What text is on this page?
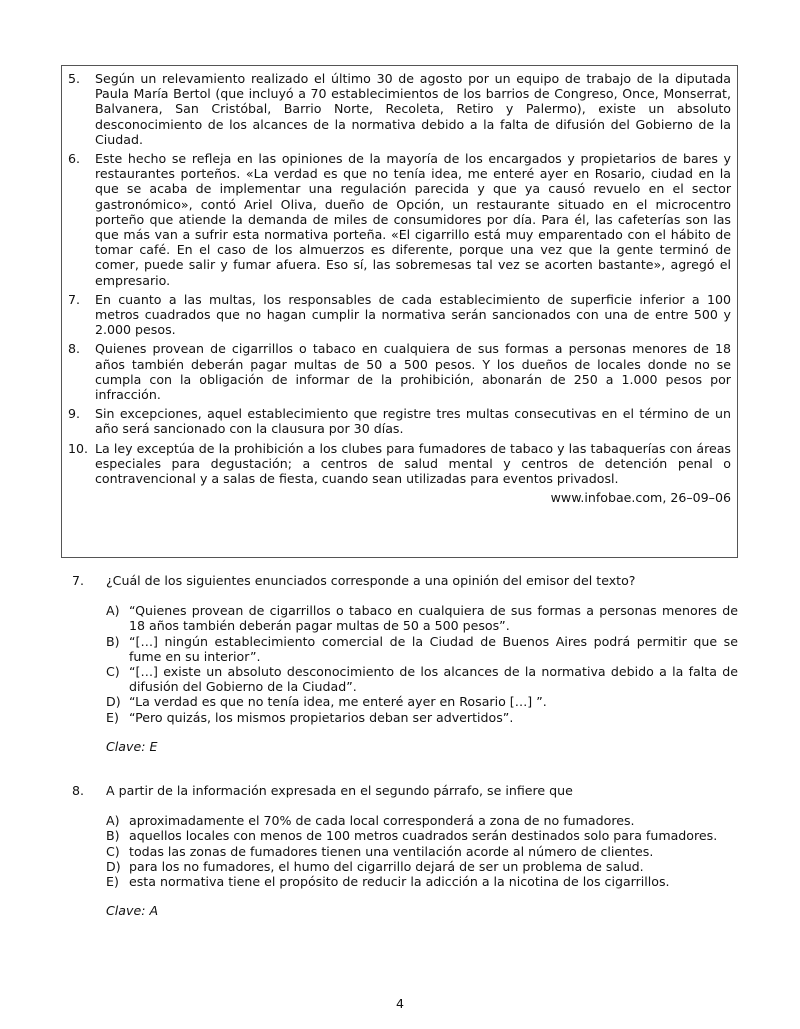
5.	Según un relevamiento realizado el último 30 de agosto por un equipo de trabajo de la diputada Paula María Bertol (que incluyó a 70 establecimientos de los barrios de Congreso, Once, Monserrat, Balvanera, San Cristóbal, Barrio Norte, Recoleta, Retiro y Palermo), existe un absoluto desconocimiento de los alcances de la normativa debido a la falta de difusión del Gobierno de la Ciudad.
6.	Este hecho se refleja en las opiniones de la mayoría de los encargados y propietarios de bares y restaurantes porteños. «La verdad es que no tenía idea, me enteré ayer en Rosario, ciudad en la que se acaba de implementar una regulación parecida y que ya causó revuelo en el sector gastronómico», contó Ariel Oliva, dueño de Opción, un restaurante situado en el microcentro porteño que atiende la demanda de miles de consumidores por día. Para él, las cafeterías son las que más van a sufrir esta normativa porteña. «El cigarrillo está muy emparentado con el hábito de tomar café. En el caso de los almuerzos es diferente, porque una vez que la gente terminó de comer, puede salir y fumar afuera. Eso sí, las sobremesas tal vez se acorten bastante», agregó el empresario.
7.	En cuanto a las multas, los responsables de cada establecimiento de superficie inferior a 100 metros cuadrados que no hagan cumplir la normativa serán sancionados con una de entre 500 y 2.000 pesos.
8.	Quienes provean de cigarrillos o tabaco en cualquiera de sus formas a personas menores de 18 años también deberán pagar multas de 50 a 500 pesos. Y los dueños de locales donde no se cumpla con la obligación de informar de la prohibición, abonarán de 250 a 1.000 pesos por infracción.
9.	Sin excepciones, aquel establecimiento que registre tres multas consecutivas en el término de un año será sancionado con la clausura por 30 días.
10. La ley exceptúa de la prohibición a los clubes para fumadores de tabaco y las tabaquerías con áreas especiales para degustación; a centros de salud mental y centros de detención penal o contravencional y a salas de fiesta, cuando sean utilizadas para eventos privadosl.
www.infobae.com, 26–09–06
7.	¿Cuál de los siguientes enunciados corresponde a una opinión del emisor del texto?
A) “Quienes provean de cigarrillos o tabaco en cualquiera de sus formas a personas menores de 18 años también deberán pagar multas de 50 a 500 pesos”.
B) “[…] ningún establecimiento comercial de la Ciudad de Buenos Aires podrá permitir que se fume en su interior”.
C) “[…] existe un absoluto desconocimiento de los alcances de la normativa debido a la falta de difusión del Gobierno de la Ciudad”.
D) “La verdad es que no tenía idea, me enteré ayer en Rosario […] ”.
E) “Pero quizás, los mismos propietarios deban ser advertidos”.
Clave: E
8.	A partir de la información expresada en el segundo párrafo, se infiere que
A) aproximadamente el 70% de cada local corresponderá a zona de no fumadores.
B) aquellos locales con menos de 100 metros cuadrados serán destinados solo para fumadores.
C) todas las zonas de fumadores tienen una ventilación acorde al número de clientes.
D) para los no fumadores, el humo del cigarrillo dejará de ser un problema de salud.
E) esta normativa tiene el propósito de reducir la adicción a la nicotina de los cigarrillos.
Clave: A
4
